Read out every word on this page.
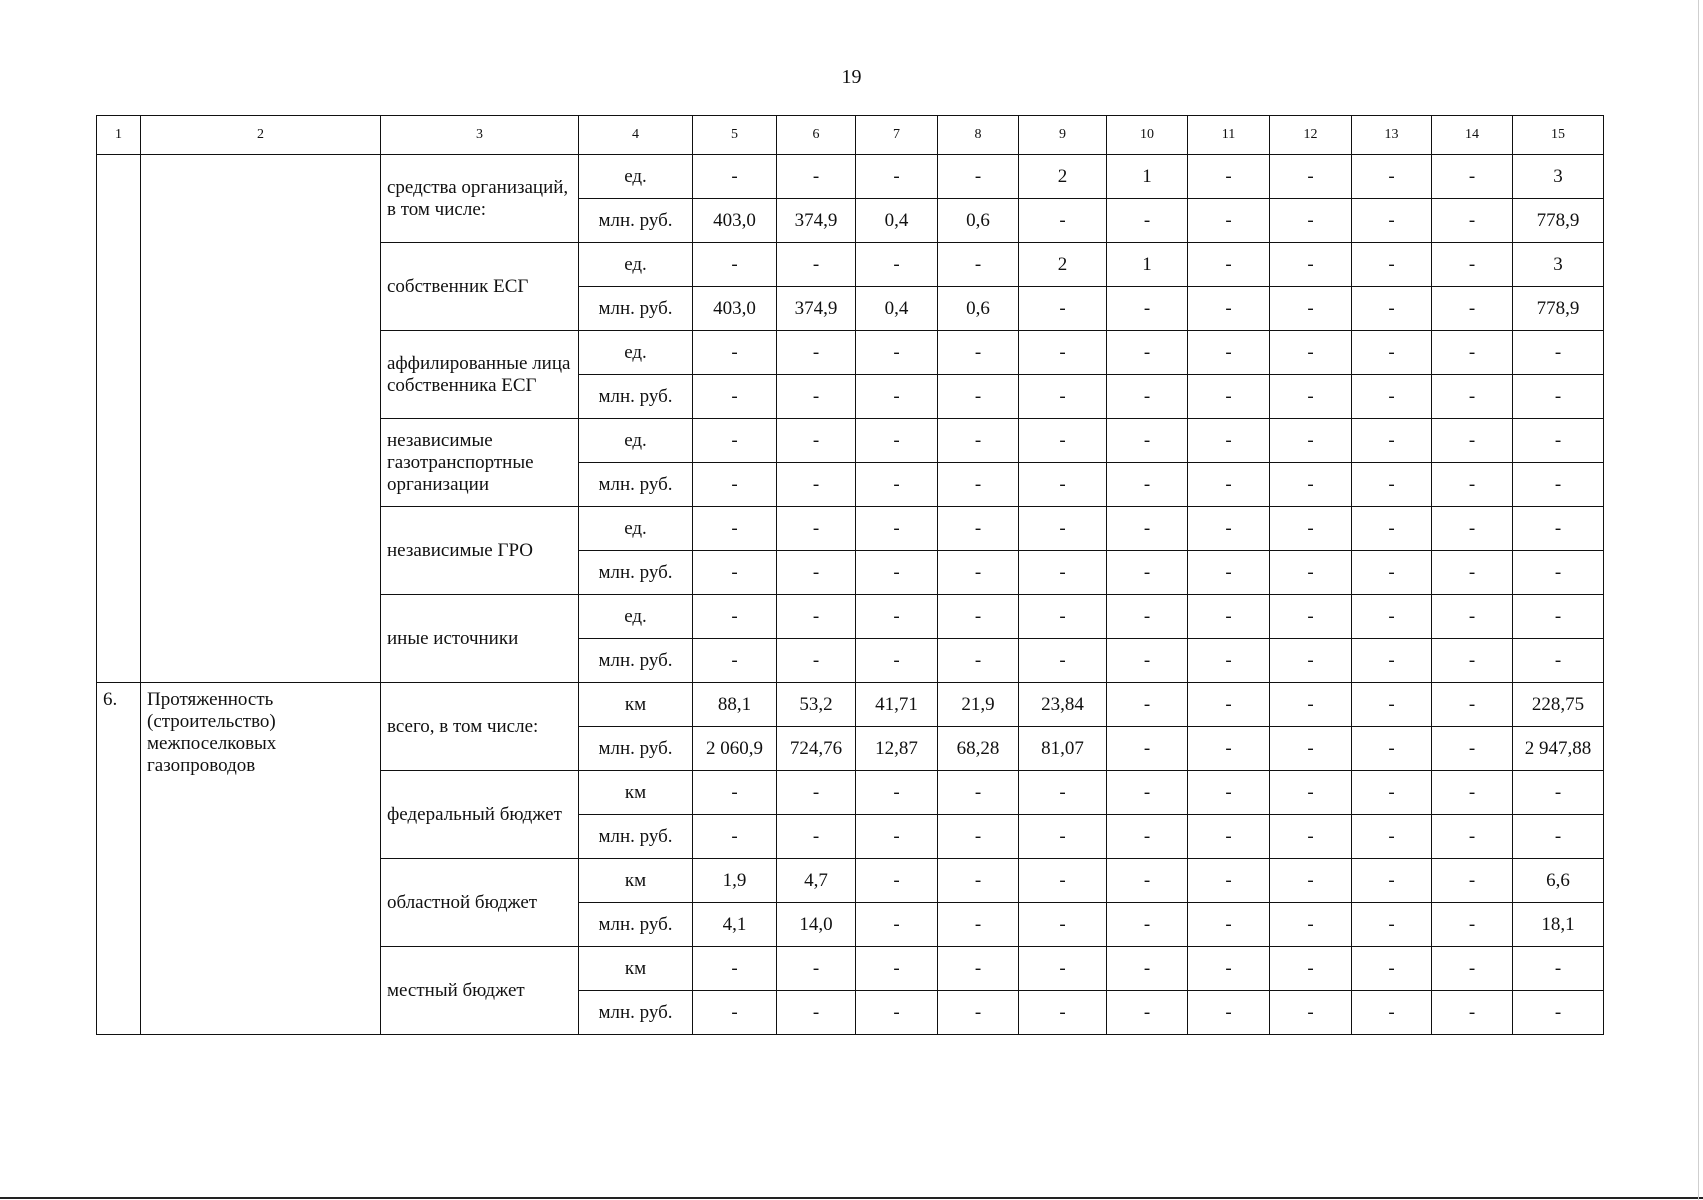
19
1	2	3	4	5	6	7	8	9	10	11	12	13	14	15
		средства организаций, в том числе:	ед.	-	-	-	-	2	1	-	-	-	-	3
			млн. руб.	403,0	374,9	0,4	0,6	-	-	-	-	-	-	778,9
		собственник ЕСГ	ед.	-	-	-	-	2	1	-	-	-	-	3
			млн. руб.	403,0	374,9	0,4	0,6	-	-	-	-	-	-	778,9
		аффилированные лица собственника ЕСГ	ед.	-	-	-	-	-	-	-	-	-	-	-
			млн. руб.	-	-	-	-	-	-	-	-	-	-	-
		независимые газотранспортные организации	ед.	-	-	-	-	-	-	-	-	-	-	-
			млн. руб.	-	-	-	-	-	-	-	-	-	-	-
		независимые ГРО	ед.	-	-	-	-	-	-	-	-	-	-	-
			млн. руб.	-	-	-	-	-	-	-	-	-	-	-
		иные источники	ед.	-	-	-	-	-	-	-	-	-	-	-
			млн. руб.	-	-	-	-	-	-	-	-	-	-	-
6.	Протяженность (строительство) межпоселковых газопроводов	всего, в том числе:	км	88,1	53,2	41,71	21,9	23,84	-	-	-	-	-	228,75
			млн. руб.	2 060,9	724,76	12,87	68,28	81,07	-	-	-	-	-	2 947,88
		федеральный бюджет	км	-	-	-	-	-	-	-	-	-	-	-
			млн. руб.	-	-	-	-	-	-	-	-	-	-	-
		областной бюджет	км	1,9	4,7	-	-	-	-	-	-	-	-	6,6
			млн. руб.	4,1	14,0	-	-	-	-	-	-	-	-	18,1
		местный бюджет	км	-	-	-	-	-	-	-	-	-	-	-
			млн. руб.	-	-	-	-	-	-	-	-	-	-	-
